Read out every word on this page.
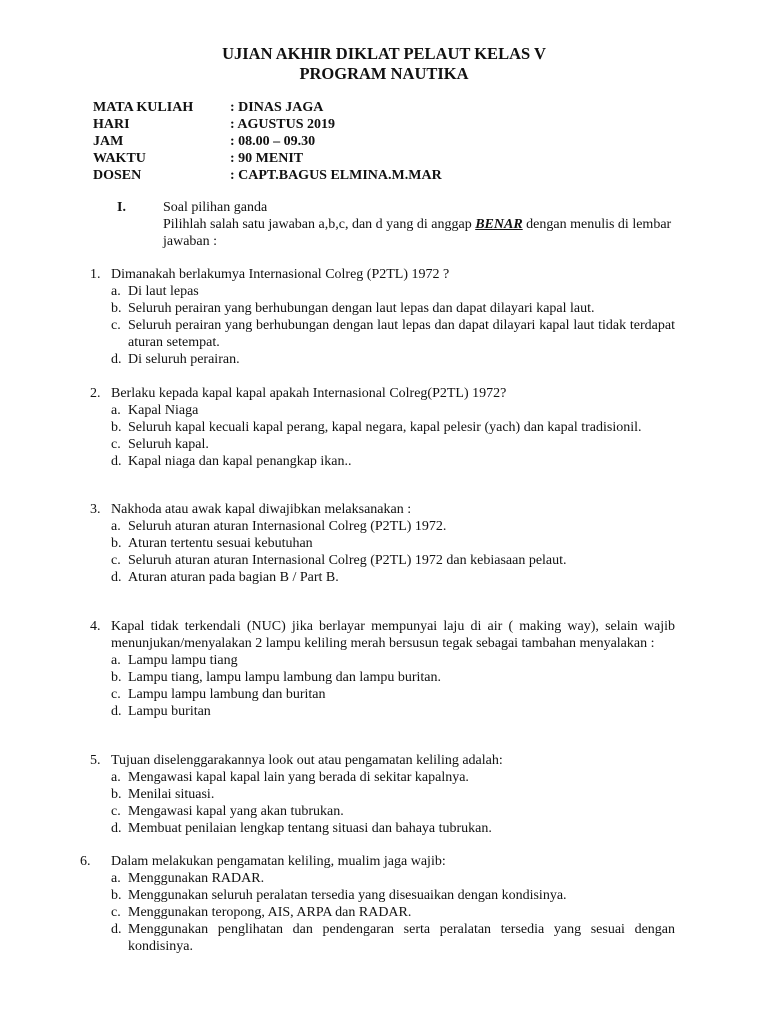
UJIAN AKHIR DIKLAT PELAUT KELAS V
PROGRAM NAUTIKA
MATA KULIAH	: DINAS JAGA
HARI	: AGUSTUS 2019
JAM	: 08.00 – 09.30
WAKTU	: 90 MENIT
DOSEN	: CAPT.BAGUS ELMINA.M.MAR
I.	Soal pilihan ganda
Pilihlah salah satu jawaban a,b,c, dan d yang di anggap BENAR dengan menulis di lembar jawaban :
1. Dimanakah berlakumya Internasional Colreg (P2TL) 1972 ?
a. Di laut lepas
b. Seluruh perairan yang berhubungan dengan laut lepas dan dapat dilayari kapal laut.
c. Seluruh perairan yang berhubungan dengan laut lepas dan dapat dilayari kapal laut tidak terdapat aturan setempat.
d. Di seluruh perairan.
2. Berlaku kepada kapal kapal apakah Internasional Colreg(P2TL) 1972?
a. Kapal Niaga
b. Seluruh kapal kecuali kapal perang, kapal negara, kapal pelesir (yach) dan kapal tradisionil.
c. Seluruh kapal.
d. Kapal niaga dan kapal penangkap ikan..
3. Nakhoda atau awak kapal diwajibkan melaksanakan :
a. Seluruh aturan aturan Internasional Colreg (P2TL) 1972.
b. Aturan tertentu sesuai kebutuhan
c. Seluruh aturan aturan Internasional Colreg (P2TL) 1972 dan kebiasaan pelaut.
d. Aturan aturan pada bagian B / Part B.
4. Kapal tidak terkendali (NUC) jika berlayar mempunyai laju di air ( making way), selain wajib menunjukan/menyalakan 2 lampu keliling merah bersusun tegak sebagai tambahan menyalakan :
a. Lampu lampu tiang
b. Lampu tiang, lampu lampu lambung dan lampu buritan.
c. Lampu lampu lambung dan buritan
d. Lampu buritan
5. Tujuan diselenggarakannya look out atau pengamatan keliling adalah:
a. Mengawasi kapal kapal lain yang berada di sekitar kapalnya.
b. Menilai situasi.
c. Mengawasi kapal yang akan tubrukan.
d. Membuat penilaian lengkap tentang situasi dan bahaya tubrukan.
6.	Dalam melakukan pengamatan keliling, mualim jaga wajib:
a. Menggunakan RADAR.
b. Menggunakan seluruh peralatan tersedia yang disesuaikan dengan kondisinya.
c. Menggunakan teropong, AIS, ARPA dan RADAR.
d. Menggunakan penglihatan dan pendengaran serta peralatan tersedia yang sesuai dengan kondisinya.
